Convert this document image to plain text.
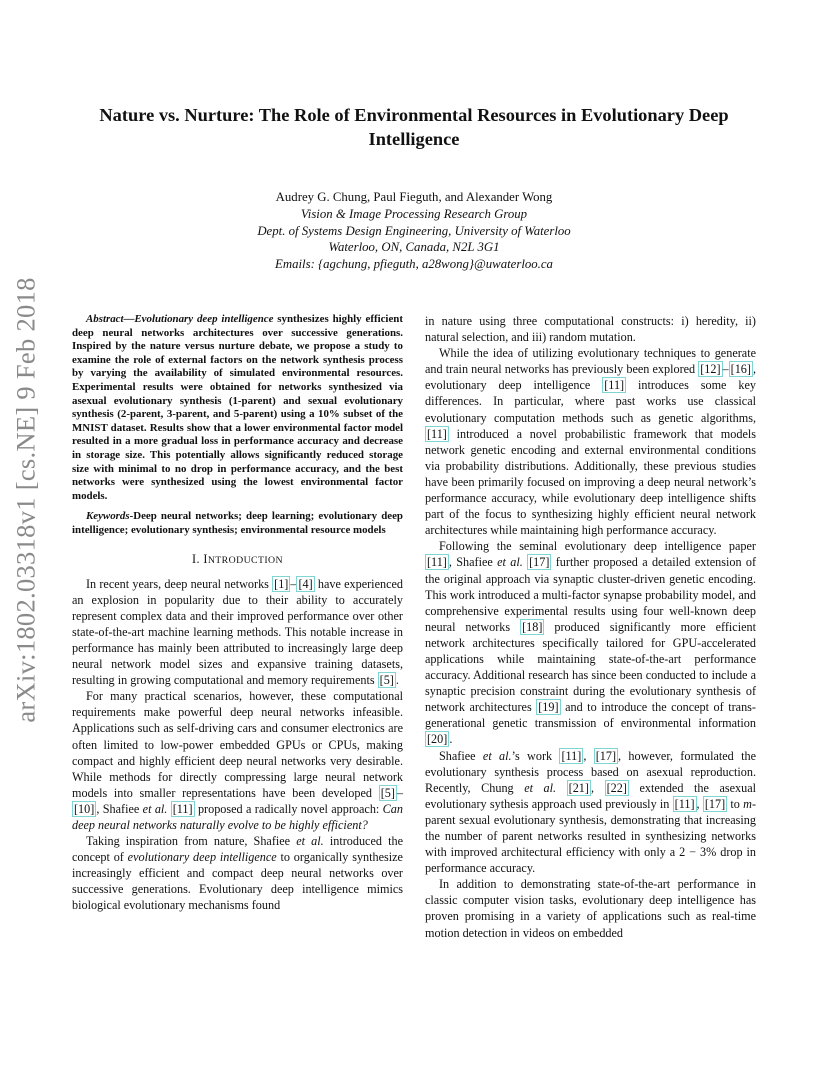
Nature vs. Nurture: The Role of Environmental Resources in Evolutionary Deep Intelligence
Audrey G. Chung, Paul Fieguth, and Alexander Wong
Vision & Image Processing Research Group
Dept. of Systems Design Engineering, University of Waterloo
Waterloo, ON, Canada, N2L 3G1
Emails: {agchung, pfieguth, a28wong}@uwaterloo.ca
arXiv:1802.03318v1 [cs.NE] 9 Feb 2018	Abstract—Evolutionary deep intelligence synthesizes highly efficient deep neural networks architectures over successive generations. Inspired by the nature versus nurture debate, we propose a study to examine the role of external factors on the network synthesis process by varying the availability of simulated environmental resources. Experimental results were obtained for networks synthesized via asexual evolutionary synthesis (1-parent) and sexual evolutionary synthesis (2-parent, 3-parent, and 5-parent) using a 10% subset of the MNIST dataset. Results show that a lower environmental factor model resulted in a more gradual loss in performance accuracy and decrease in storage size. This potentially allows significantly reduced storage size with minimal to no drop in performance accuracy, and the best networks were synthesized using the lowest environmental factor models.

Keywords-Deep neural networks; deep learning; evolutionary deep intelligence; evolutionary synthesis; environmental resource models

I. INTRODUCTION

In recent years, deep neural networks [1] – [4] have experienced an explosion in popularity due to their ability to accurately represent complex data and their improved performance over other state-of-the-art machine learning methods. This notable increase in performance has mainly been attributed to increasingly large deep neural network model sizes and expansive training datasets, resulting in growing computational and memory requirements [5] .

For many practical scenarios, however, these computational requirements make powerful deep neural networks infeasible. Applications such as self-driving cars and consumer electronics are often limited to low-power embedded GPUs or CPUs, making compact and highly efficient deep neural networks very desirable. While methods for directly compressing large neural network models into smaller representations have been developed [5] –[10] , Shafiee et al. [11] proposed a radically novel approach: Can deep neural networks naturally evolve to be highly efficient?

Taking inspiration from nature, Shafiee et al. introduced the concept of evolutionary deep intelligence to organically synthesize increasingly efficient and compact deep neural networks over successive generations. Evolutionary deep intelligence mimics biological evolutionary mechanisms found

in nature using three computational constructs: i) heredity, ii) natural selection, and iii) random mutation.

While the idea of utilizing evolutionary techniques to generate and train neural networks has previously been explored [12] – [16] , evolutionary deep intelligence [11] introduces some key differences. In particular, where past works use classical evolutionary computation methods such as genetic algorithms, [11] introduced a novel probabilistic framework that models network genetic encoding and external environmental conditions via probability distributions. Additionally, these previous studies have been primarily focused on improving a deep neural network’s performance accuracy, while evolutionary deep intelligence shifts part of the focus to synthesizing highly efficient neural network architectures while maintaining high performance accuracy.

Following the seminal evolutionary deep intelligence paper [11] , Shafiee et al. [17] further proposed a detailed extension of the original approach via synaptic cluster-driven genetic encoding. This work introduced a multi-factor synapse probability model, and comprehensive experimental results using four well-known deep neural networks [18] produced significantly more efficient network architectures specifically tailored for GPU-accelerated applications while maintaining state-of-the-art performance accuracy. Additional research has since been conducted to include a synaptic precision constraint during the evolutionary synthesis of network architectures [19] and to introduce the concept of trans-generational genetic transmission of environmental information [20] .

Shafiee et al.’s work [11] , [17] , however, formulated the evolutionary synthesis process based on asexual reproduction. Recently, Chung et al. [21] , [22] extended the asexual evolutionary sythesis approach used previously in [11] , [17] to m-parent sexual evolutionary synthesis, demonstrating that increasing the number of parent networks resulted in synthesizing networks with improved architectural efficiency with only a 2 − 3% drop in performance accuracy.

In addition to demonstrating state-of-the-art performance in classic computer vision tasks, evolutionary deep intelligence has proven promising in a variety of applications such as real-time motion detection in videos on embedded
